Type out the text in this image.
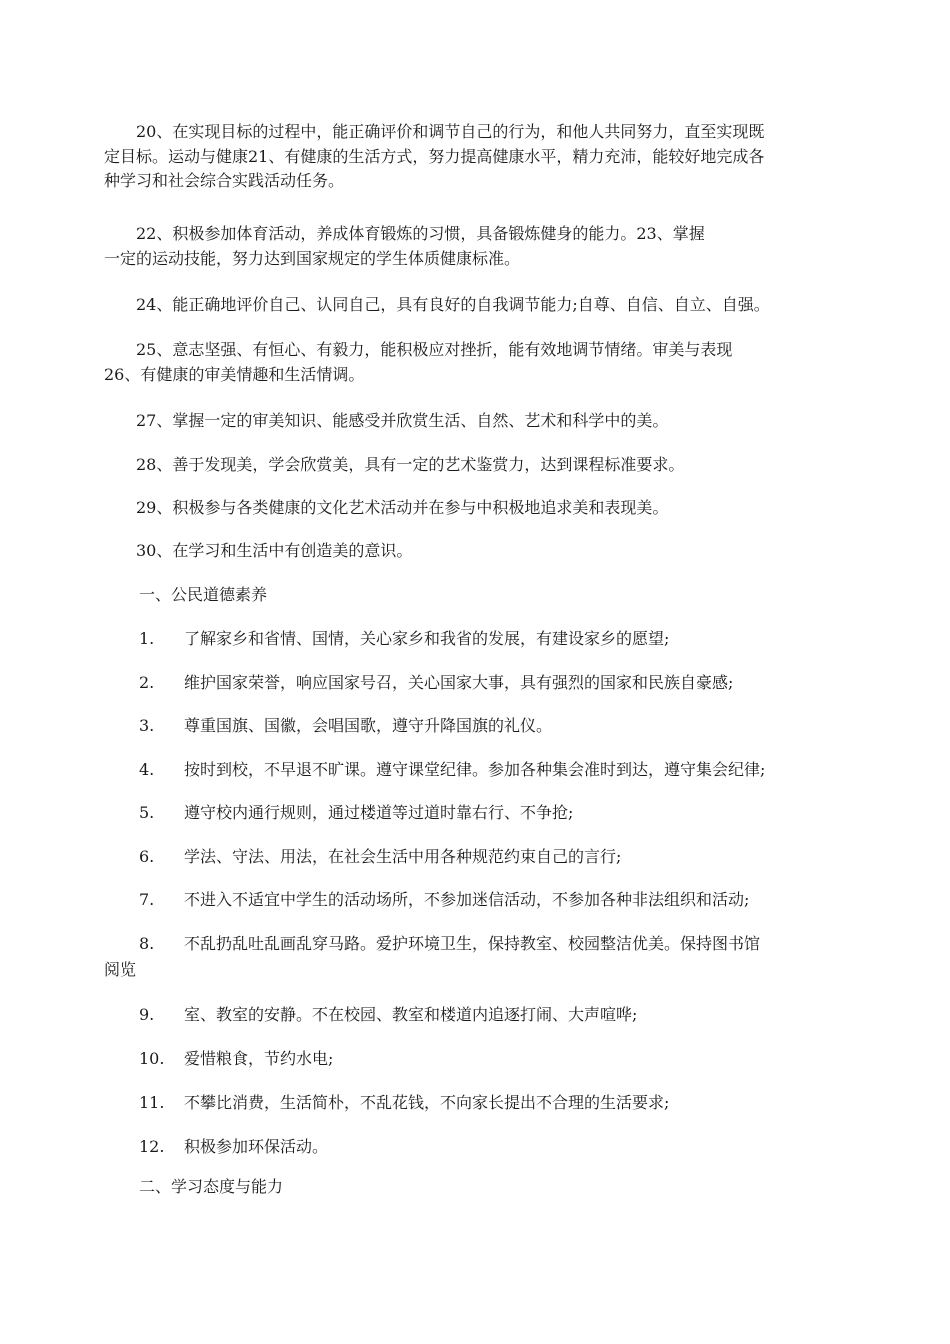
　　20、在实现目标的过程中，能正确评价和调节自己的行为，和他人共同努力，直至实现既
定目标。运动与健康21、有健康的生活方式，努力提高健康水平，精力充沛，能较好地完成各
种学习和社会综合实践活动任务。

　　22、积极参加体育活动，养成体育锻炼的习惯，具备锻炼健身的能力。23、掌握
一定的运动技能，努力达到国家规定的学生体质健康标准。

　　24、能正确地评价自己、认同自己，具有良好的自我调节能力;自尊、自信、自立、自强。

　　25、意志坚强、有恒心、有毅力，能积极应对挫折，能有效地调节情绪。审美与表现
26、有健康的审美情趣和生活情调。

　　27、掌握一定的审美知识、能感受并欣赏生活、自然、艺术和科学中的美。

　　28、善于发现美，学会欣赏美，具有一定的艺术鉴赏力，达到课程标准要求。

　　29、积极参与各类健康的文化艺术活动并在参与中积极地追求美和表现美。

　　30、在学习和生活中有创造美的意识。

一、公民道德素养

1. 了解家乡和省情、国情，关心家乡和我省的发展，有建设家乡的愿望;

2. 维护国家荣誉，响应国家号召，关心国家大事，具有强烈的国家和民族自豪感;

3. 尊重国旗、国徽，会唱国歌，遵守升降国旗的礼仪。

4. 按时到校，不早退不旷课。遵守课堂纪律。参加各种集会准时到达，遵守集会纪律;

5. 遵守校内通行规则，通过楼道等过道时靠右行、不争抢;

6. 学法、守法、用法，在社会生活中用各种规范约束自己的言行;

7. 不进入不适宜中学生的活动场所，不参加迷信活动，不参加各种非法组织和活动;

8. 不乱扔乱吐乱画乱穿马路。爱护环境卫生，保持教室、校园整洁优美。保持图书馆

阅览

9. 室、教室的安静。不在校园、教室和楼道内追逐打闹、大声喧哗;

10. 爱惜粮食，节约水电;

11. 不攀比消费，生活简朴，不乱花钱，不向家长提出不合理的生活要求;

12. 积极参加环保活动。

二、学习态度与能力
